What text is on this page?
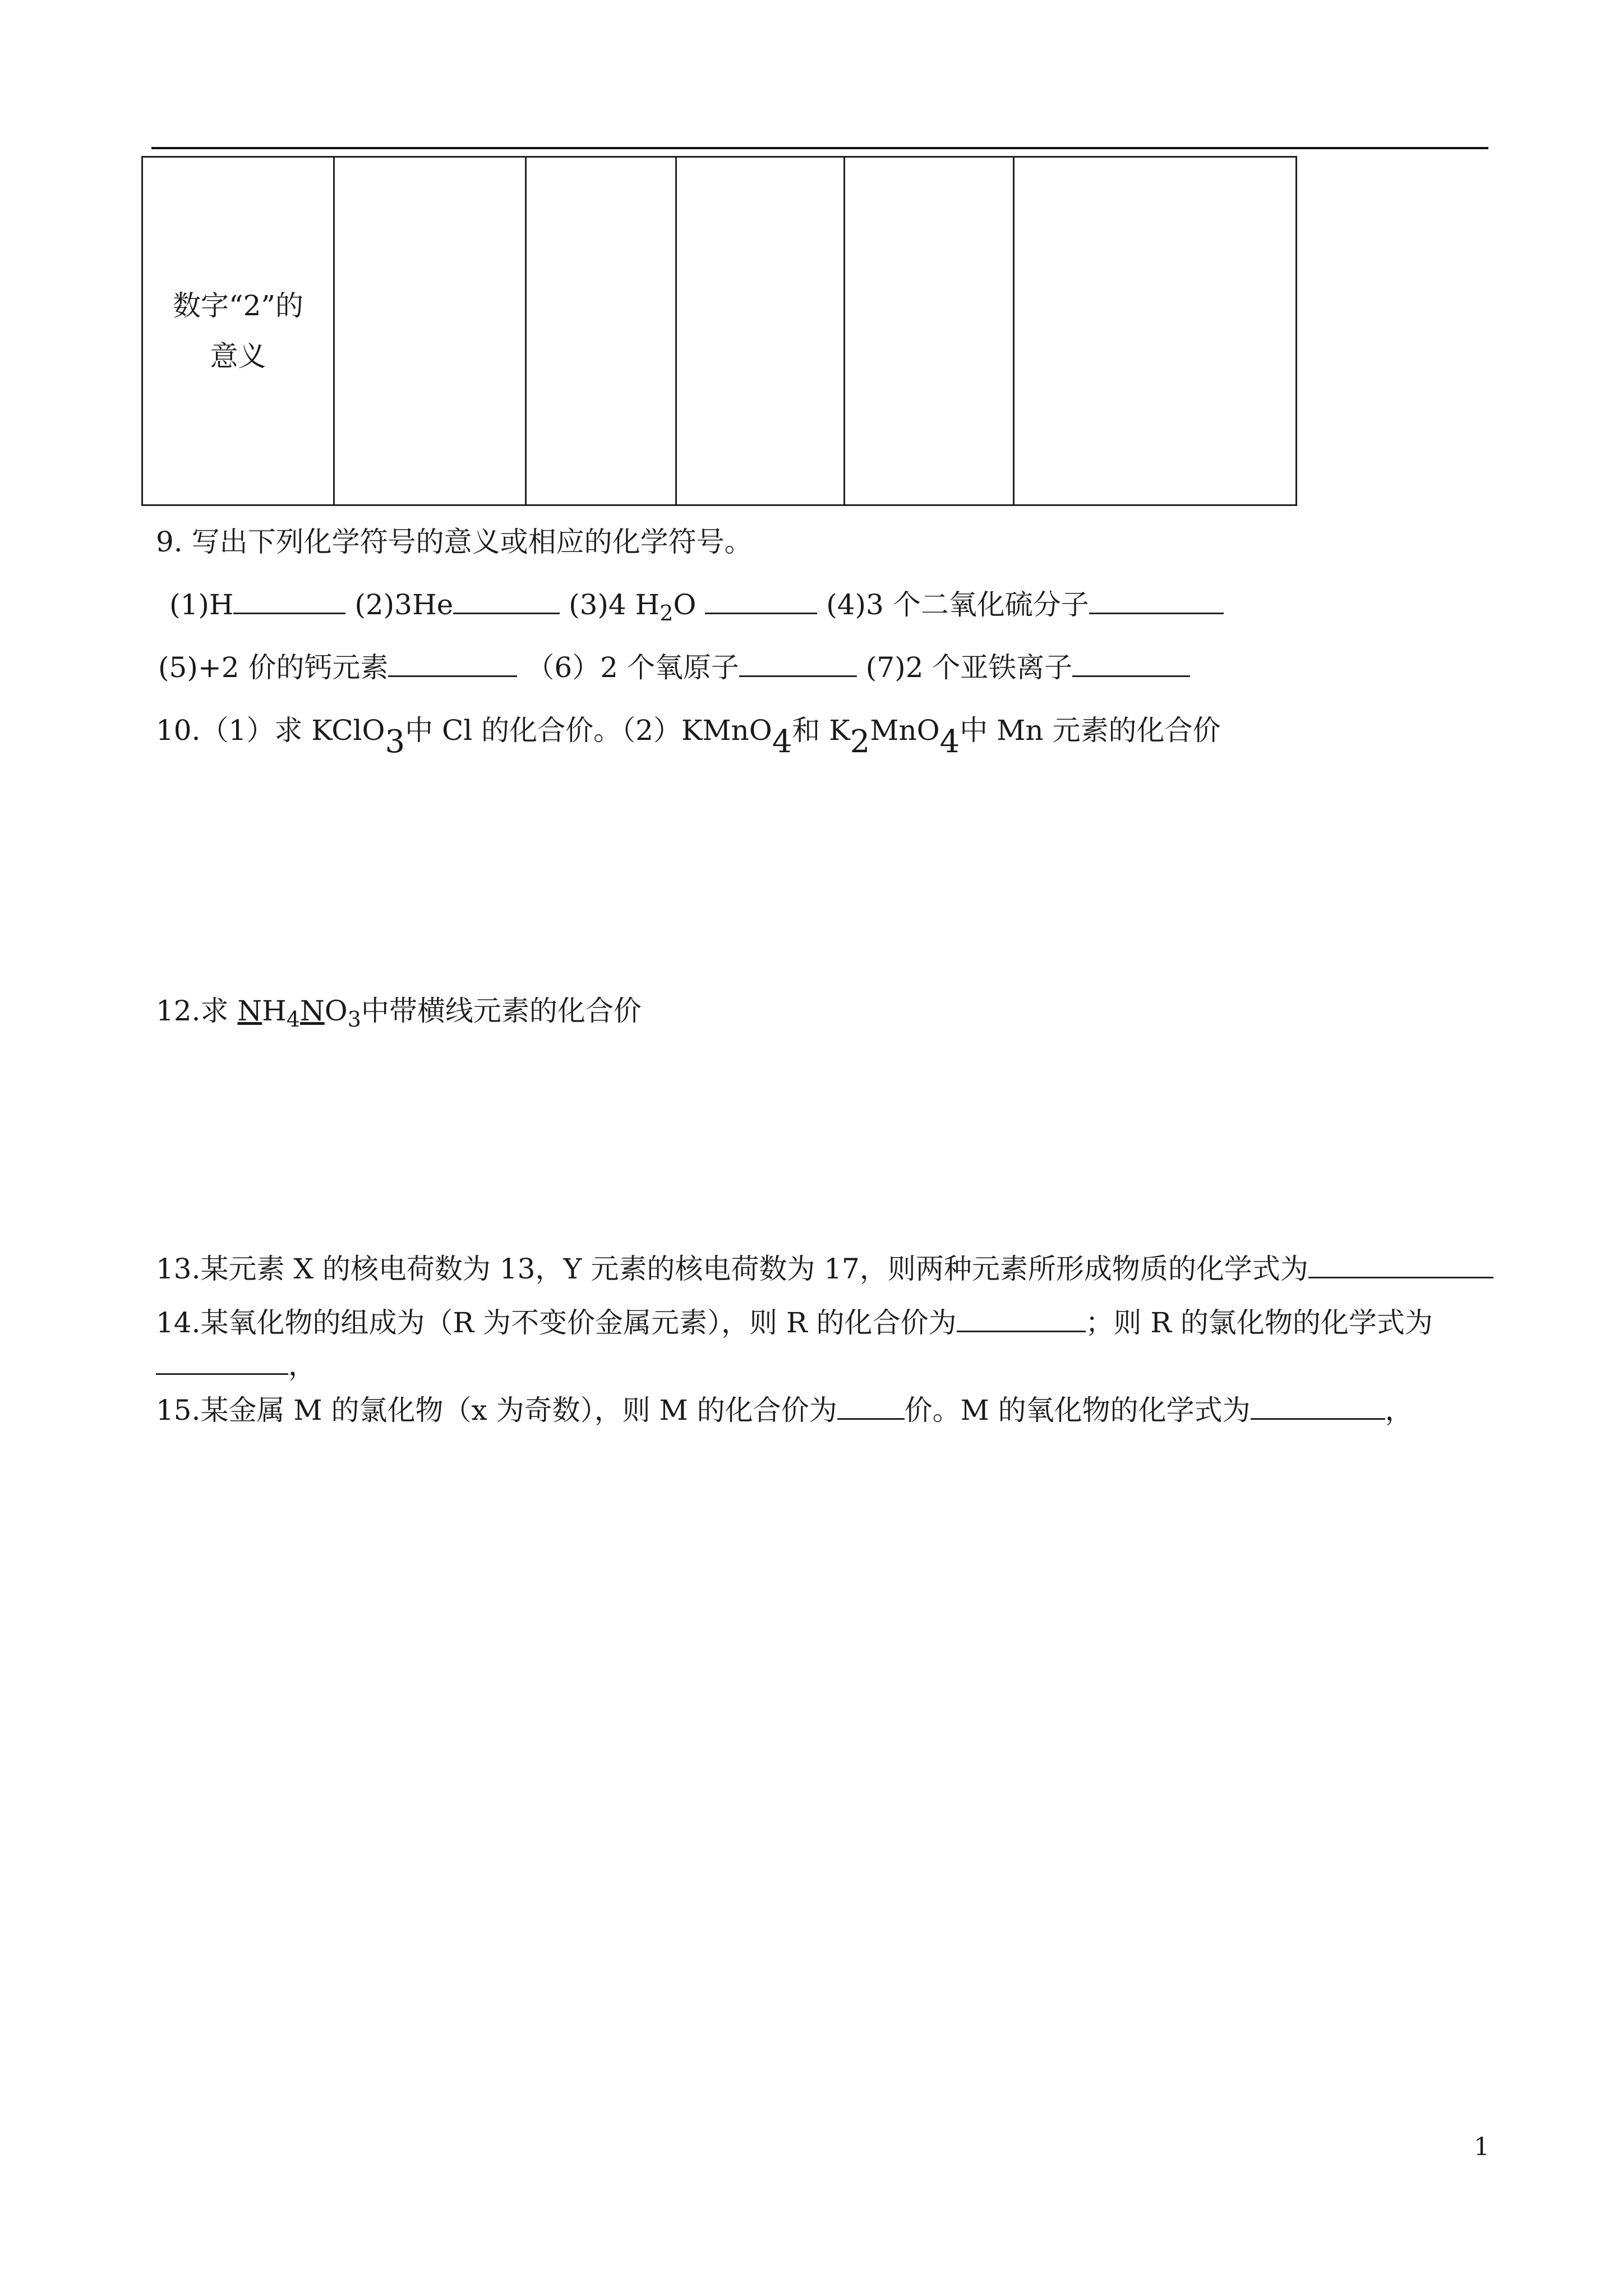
数字“2”的
意义					
9. 写出下列化学符号的意义或相应的化学符号。
(1)H	(2)3He	(3)4 $H_2O$	(4)3 个二氧化硫分子
(5)+2 价的钙元素	（6）2 个氧原子	(7)2 个亚铁离子
10.（1）求 KClO$_3$中 Cl 的化合价。（2）KMnO$_4$和 $K_2MnO_4$中 Mn 元素的化合价
12.求 $NH_4NO_3$中带横线元素的化合价
13.某元素 X 的核电荷数为 13，Y 元素的核电荷数为 17，则两种元素所形成物质的化学式为
14.某氧化物的组成为（R 为不变价金属元素），则 R 的化合价为	；则 R 的氯化物的化学式为
，
15.某金属 M 的氯化物（x 为奇数），则 M 的化合价为 价。M 的氧化物的化学式为	，
1
